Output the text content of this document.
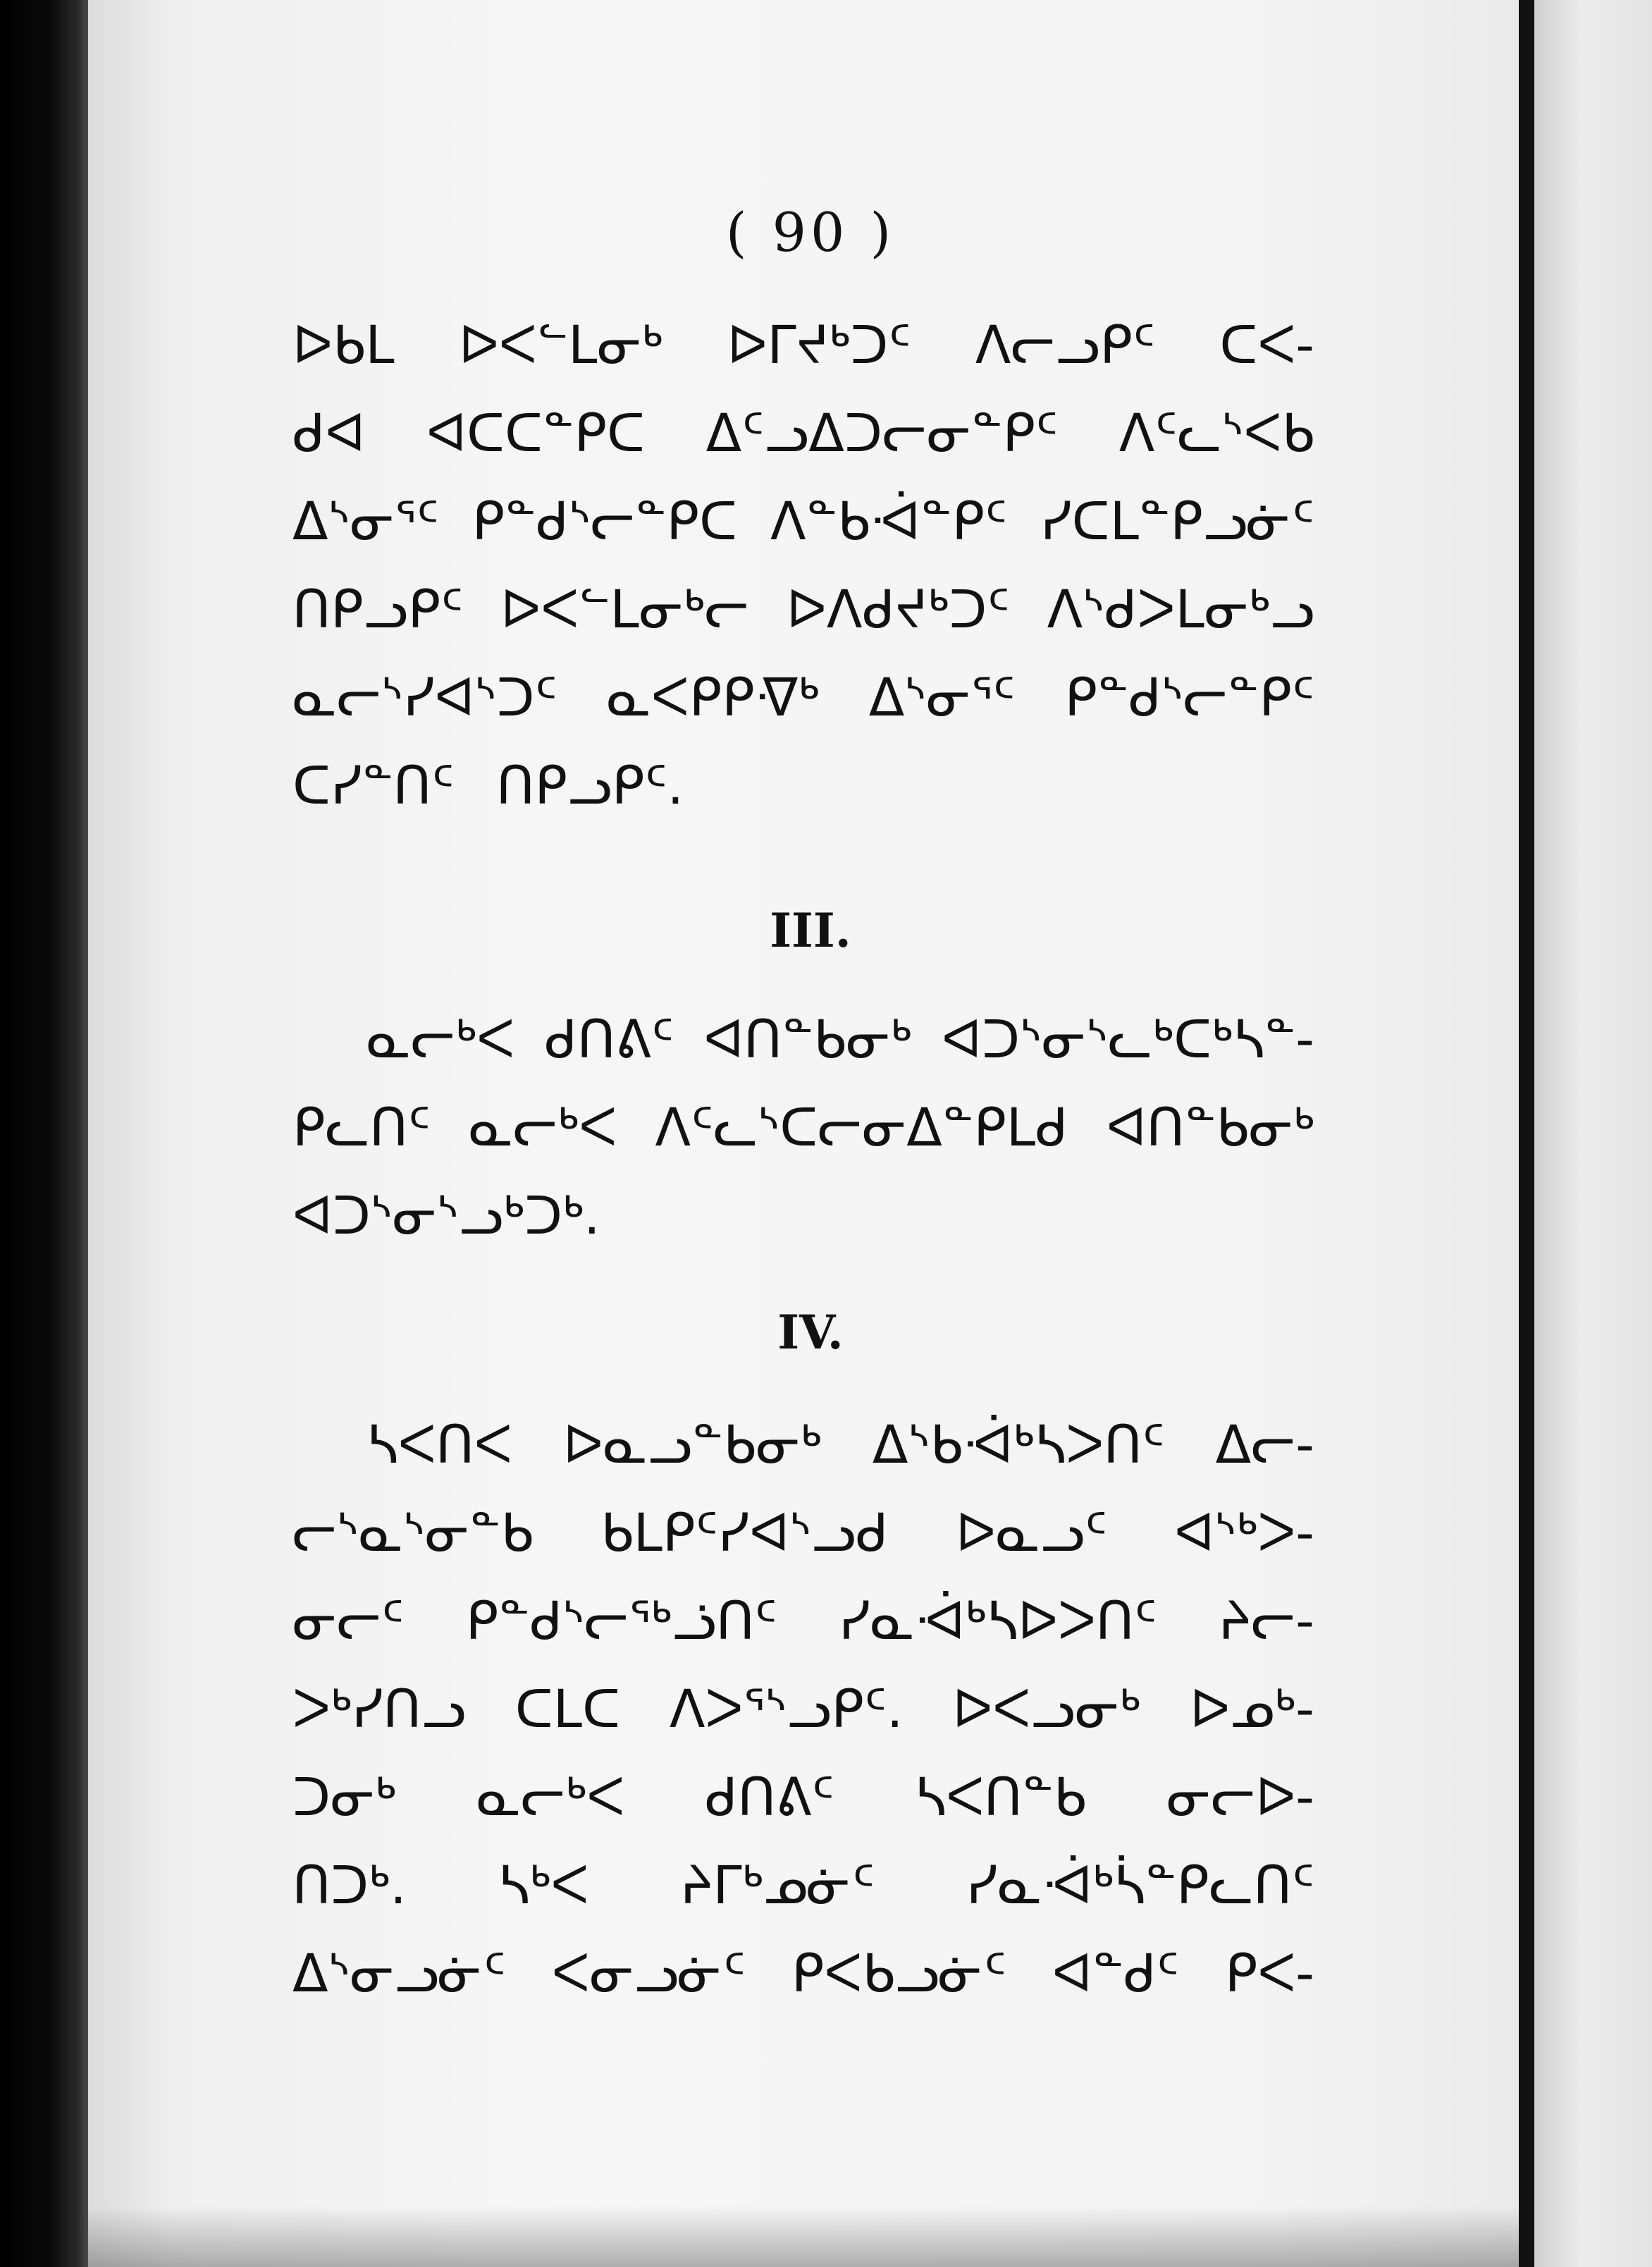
( 90 )
ᐅᑲᒪ ᐅᐸᓪᒪᓂᒃ ᐅᒥᔪᒃᑐᑦ ᐱᓕᓗᑭᑦ ᑕᐸ-
ᑯᐊ ᐊᑕᑕᓐᑭᑕ ᐃᑦᓗᐃᑐᓕᓂᓐᑭᑦ ᐱᑦᓚᔅᐸᑲ
ᐃᔅᓂᕐᑦ ᑭᓐᑯᔅᓕᓐᑭᑕ ᐱᓐᑲᐙᓐᑭᑦ ᓯᑕᒪᓐᑭᓗᓃᑦ
ᑎᑭᓗᑭᑦ ᐅᐸᓪᒪᓂᒃᓕ ᐅᐱᑯᔪᒃᑐᑦ ᐱᔅᑯᐳᒪᓂᒃᓗ
ᓇᓕᔅᓯᐊᔅᑐᑦ ᓇᐸᑭᑭᐌᒃ ᐃᔅᓂᕐᑦ ᑭᓐᑯᔅᓕᓐᑭᑦ
ᑕᓯᓐᑎᑦ ᑎᑭᓗᑭᑦ.
III.
ᓇᓕᒃᐸ ᑯᑎᕕᑦ ᐊᑎᓐᑲᓂᒃ ᐊᑐᔅᓂᔅᓚᒃᑕᒃᓴᓐ-
ᑭᓚᑎᑦ ᓇᓕᒃᐸ ᐱᑦᓚᔅᑕᓕᓂᐃᓐᑭᒪᑯ ᐊᑎᓐᑲᓂᒃ
ᐊᑐᔅᓂᔅᓗᒃᑐᒃ.
IV.
ᓴᐸᑎᐸ ᐅᓇᓗᓐᑲᓂᒃ ᐃᔅᑲᐙᒃᓴᐳᑎᑦ ᐃᓕ-
ᓕᔅᓇᔅᓂᓐᑲ ᑲᒪᑭᑦᓯᐊᔅᓗᑯ ᐅᓇᓗᑦ ᐊᔅᒃᐳ-
ᓂᓕᑦ ᑭᓐᑯᔅᓕᕐᒃᓘᑎᑦ ᓯᓇᐙᒃᓴᐅᐳᑎᑦ ᔨᓕ-
ᐳᒃᓯᑎᓗ ᑕᒪᑕ ᐱᐳᕐᔅᓗᑭᑦ. ᐅᐸᓗᓂᒃ ᐅᓄᒃ-
ᑐᓂᒃ ᓇᓕᒃᐸ ᑯᑎᕕᑦ ᓴᐸᑎᓐᑲ ᓂᓕᐅ-
ᑎᑐᒃ. ᓴᒃᐸ ᔨᒥᒃᓄᓃᑦ ᓯᓇᐙᒃᓵᓐᑭᓚᑎᑦ
ᐃᔅᓂᓗᓃᑦ ᐸᓂᓗᓃᑦ ᑭᐸᑲᓗᓃᑦ ᐊᓐᑯᑦ ᑭᐸ-
